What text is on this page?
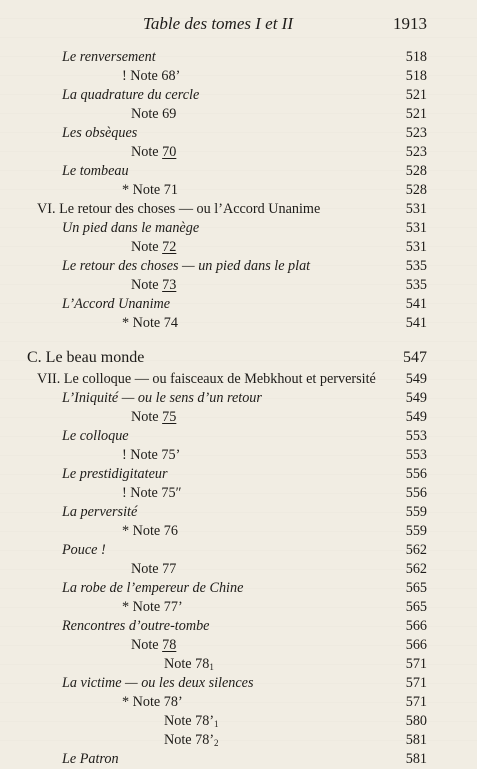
Table des tomes I et II	1913
Le renversement	518
! Note 68’	518
La quadrature du cercle	521
Note 69	521
Les obsèques	523
Note 70	523
Le tombeau	528
* Note 71	528
VI. Le retour des choses — ou l’Accord Unanime	531
Un pied dans le manège	531
Note 72	531
Le retour des choses — un pied dans le plat	535
Note 73	535
L’Accord Unanime	541
* Note 74	541
C. Le beau monde	547
VII. Le colloque — ou faisceaux de Mebkhout et perversité 549
L’Iniquité — ou le sens d’un retour	549
Note 75	549
Le colloque	553
! Note 75’	553
Le prestidigitateur	556
! Note 75″	556
La perversité	559
* Note 76	559
Pouce !	562
Note 77	562
La robe de l’empereur de Chine	565
* Note 77’	565
Rencontres d’outre-tombe	566
Note 78	566
Note $78_1$	571
La victime — ou les deux silences	571
* Note 78’	571
Note $78’_1$	580
Note $78’_2$	581
Le Patron	581
